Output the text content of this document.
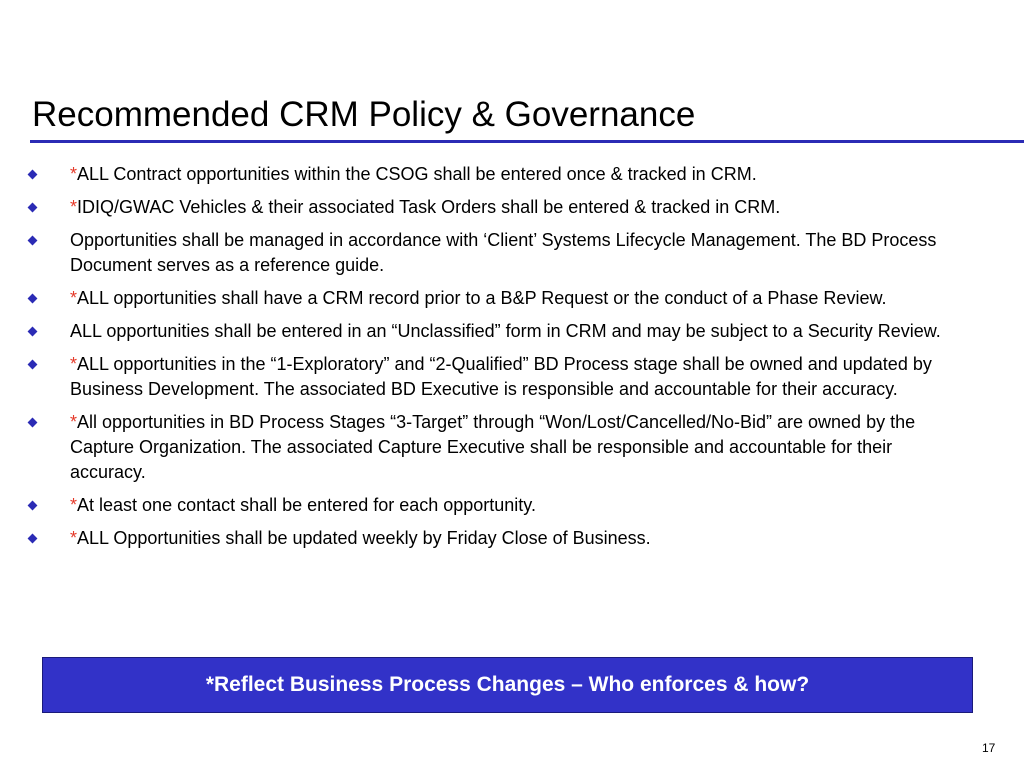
Recommended CRM Policy & Governance
*ALL Contract opportunities within the CSOG shall be entered once & tracked in CRM.
*IDIQ/GWAC Vehicles & their associated Task Orders shall be entered & tracked in CRM.
Opportunities shall be managed in accordance with ‘Client’ Systems Lifecycle Management. The BD Process Document serves as a reference guide.
*ALL opportunities shall have a CRM record prior to a B&P Request or the conduct of a Phase Review.
ALL opportunities shall be entered in an “Unclassified” form in CRM and may be subject to a Security Review.
*ALL opportunities in the “1-Exploratory” and “2-Qualified” BD Process stage shall be owned and updated by Business Development. The associated BD Executive is responsible and accountable for their accuracy.
*All opportunities in BD Process Stages “3-Target” through “Won/Lost/Cancelled/No-Bid” are owned by the Capture Organization. The associated Capture Executive shall be responsible and accountable for their accuracy.
*At least one contact shall be entered for each opportunity.
*ALL Opportunities shall be updated weekly by Friday Close of Business.
*Reflect Business Process Changes – Who enforces & how?
17
